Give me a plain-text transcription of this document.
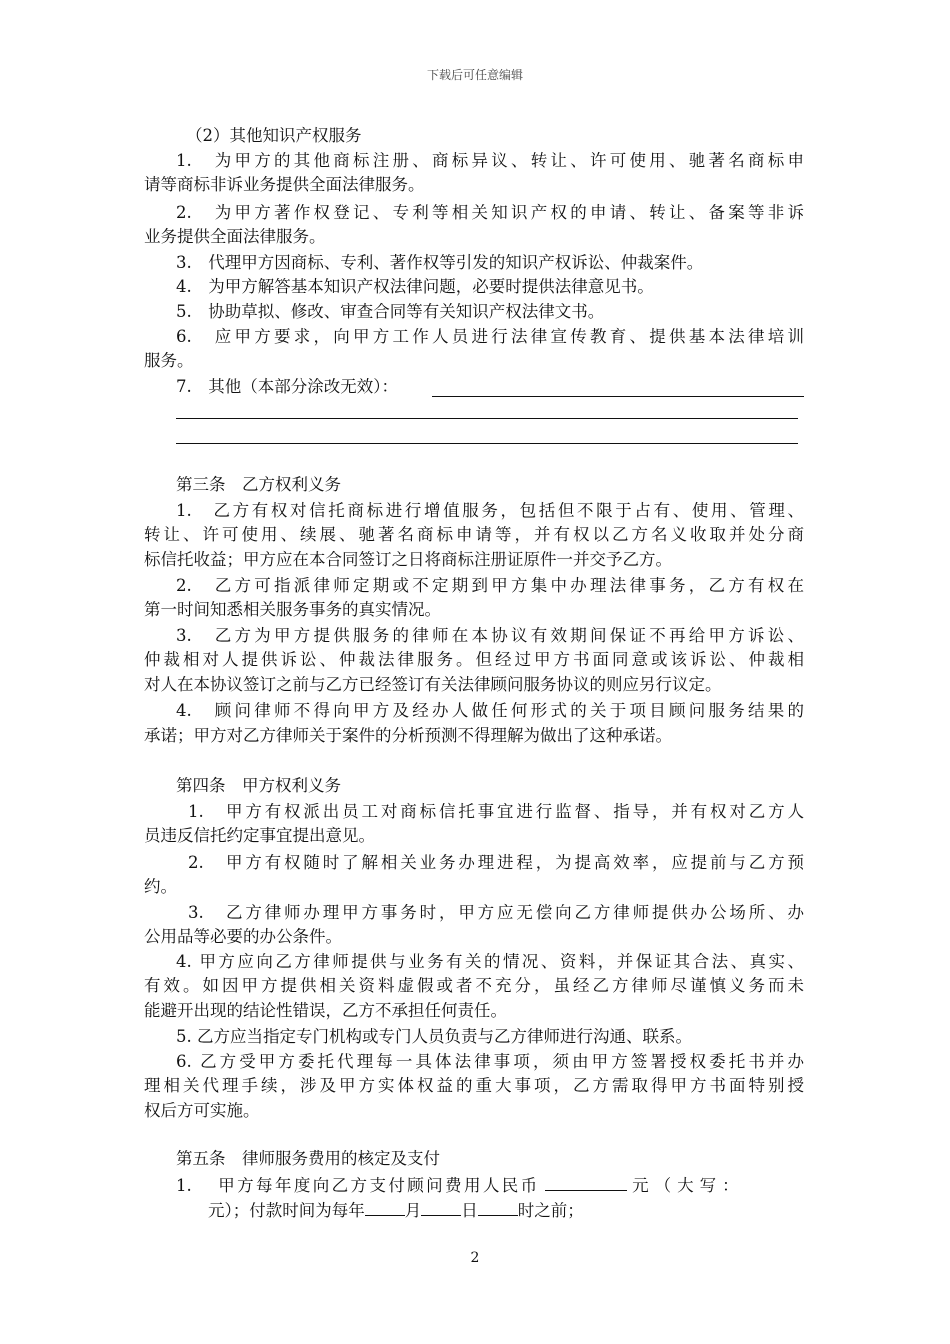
下载后可任意编辑
（2）其他知识产权服务
1.　为甲方的其他商标注册、商标异议、转让、许可使用、驰著名商标申
请等商标非诉业务提供全面法律服务。
2.　为甲方著作权登记、专利等相关知识产权的申请、转让、备案等非诉
业务提供全面法律服务。
3.　代理甲方因商标、专利、著作权等引发的知识产权诉讼、仲裁案件。
4.　为甲方解答基本知识产权法律问题，必要时提供法律意见书。
5.　协助草拟、修改、审查合同等有关知识产权法律文书。
6.　应甲方要求，向甲方工作人员进行法律宣传教育、提供基本法律培训
服务。
7.　其他（本部分涂改无效）：
第三条　乙方权利义务
1.　乙方有权对信托商标进行增值服务，包括但不限于占有、使用、管理、
转让、许可使用、续展、驰著名商标申请等，并有权以乙方名义收取并处分商
标信托收益；甲方应在本合同签订之日将商标注册证原件一并交予乙方。
2.　乙方可指派律师定期或不定期到甲方集中办理法律事务，乙方有权在
第一时间知悉相关服务事务的真实情况。
3.　乙方为甲方提供服务的律师在本协议有效期间保证不再给甲方诉讼、
仲裁相对人提供诉讼、仲裁法律服务。但经过甲方书面同意或该诉讼、仲裁相
对人在本协议签订之前与乙方已经签订有关法律顾问服务协议的则应另行议定。
4.　顾问律师不得向甲方及经办人做任何形式的关于项目顾问服务结果的
承诺；甲方对乙方律师关于案件的分析预测不得理解为做出了这种承诺。
第四条　甲方权利义务
1.　甲方有权派出员工对商标信托事宜进行监督、指导，并有权对乙方人
员违反信托约定事宜提出意见。
2.　甲方有权随时了解相关业务办理进程，为提高效率，应提前与乙方预
约。
3.　乙方律师办理甲方事务时，甲方应无偿向乙方律师提供办公场所、办
公用品等必要的办公条件。
4. 甲方应向乙方律师提供与业务有关的情况、资料，并保证其合法、真实、
有效。如因甲方提供相关资料虚假或者不充分，虽经乙方律师尽谨慎义务而未
能避开出现的结论性错误，乙方不承担任何责任。
5. 乙方应当指定专门机构或专门人员负责与乙方律师进行沟通、联系。
6. 乙方受甲方委托代理每一具体法律事项，须由甲方签署授权委托书并办
理相关代理手续，涉及甲方实体权益的重大事项，乙方需取得甲方书面特别授
权后方可实施。
第五条　律师服务费用的核定及支付
1. 甲方每年度向乙方支付顾问费用人民币	元（大写：
元）；付款时间为每年 月 日 时之前；
2
